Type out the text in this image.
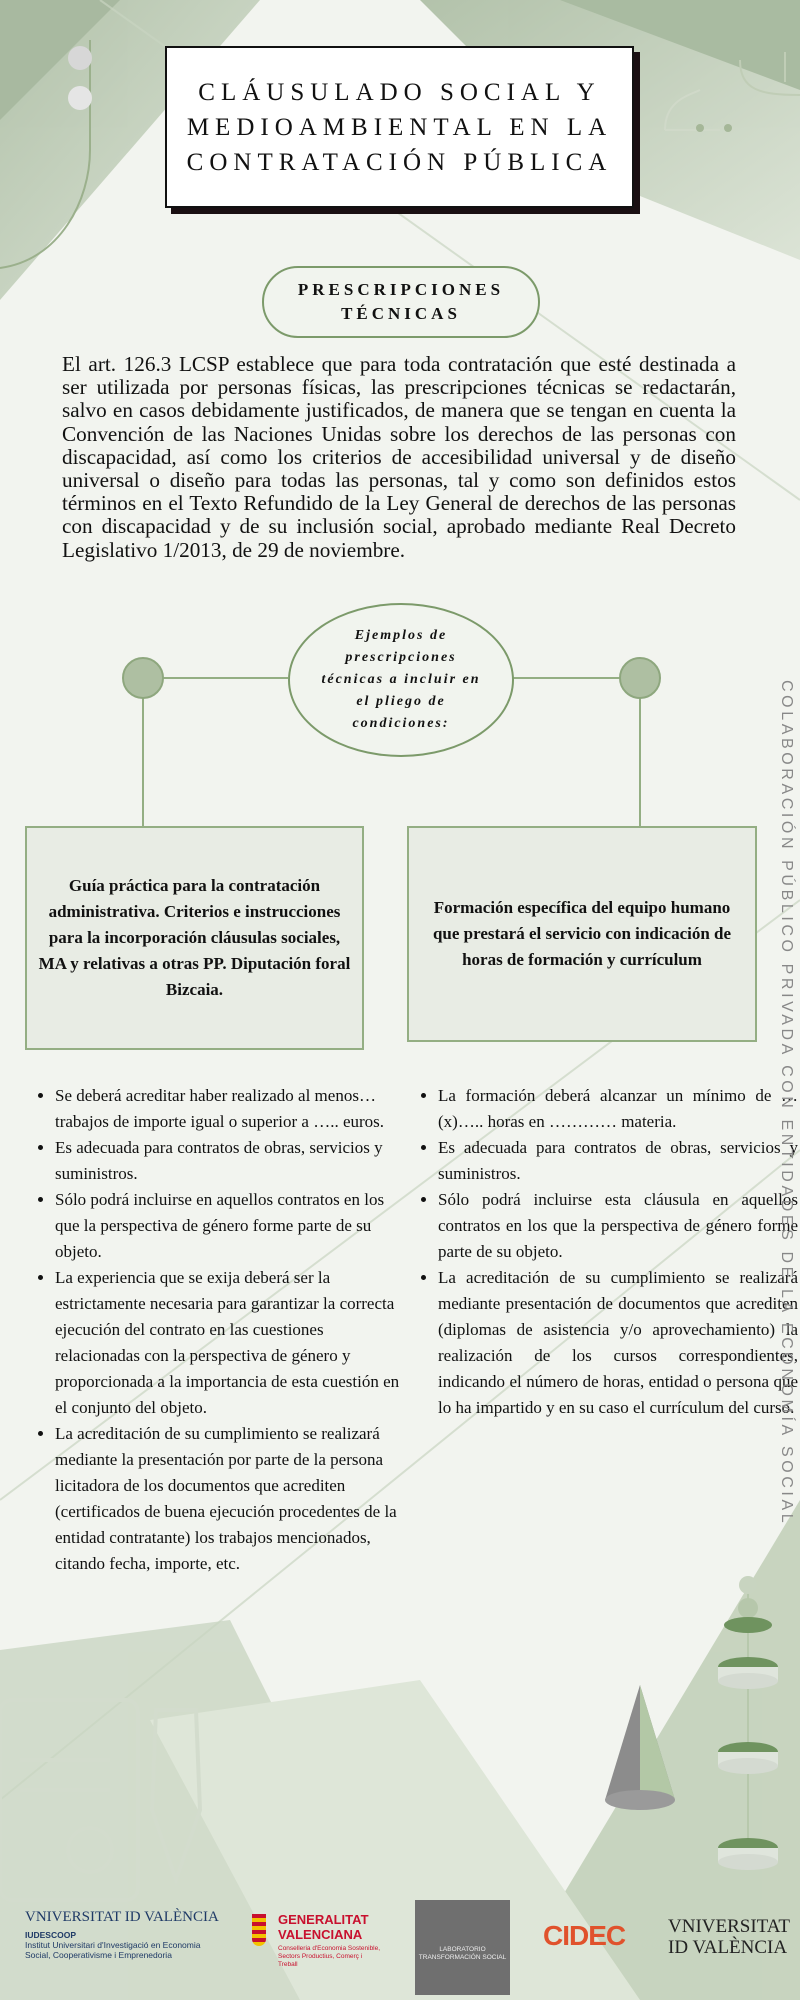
CLÁUSULADO SOCIAL Y MEDIOAMBIENTAL EN LA CONTRATACIÓN PÚBLICA
PRESCRIPCIONES TÉCNICAS

El art. 126.3 LCSP establece que para toda contratación que esté destinada a ser utilizada por personas físicas, las prescripciones técnicas se redactarán, salvo en casos debidamente justificados, de manera que se tengan en cuenta la Convención de las Naciones Unidas sobre los derechos de las personas con discapacidad, así como los criterios de accesibilidad universal y de diseño universal o diseño para todas las personas, tal y como son definidos estos términos en el Texto Refundido de la Ley General de derechos de las personas con discapacidad y de su inclusión social, aprobado mediante Real Decreto Legislativo 1/2013, de 29 de noviembre.

Ejemplos de prescripciones técnicas a incluir en el pliego de condiciones:
Guía práctica para la contratación administrativa. Criterios e instrucciones para la incorporación cláusulas sociales, MA y relativas a otras PP. Diputación foral Bizcaia.
Formación específica del equipo humano que prestará el servicio con indicación de horas de formación y currículum
• Se deberá acreditar haber realizado al menos… trabajos de importe igual o superior a ….. euros.
• Es adecuada para contratos de obras, servicios y suministros.
• Sólo podrá incluirse en aquellos contratos en los que la perspectiva de género forme parte de su objeto.
• La experiencia que se exija deberá ser la estrictamente necesaria para garantizar la correcta ejecución del contrato en las cuestiones relacionadas con la perspectiva de género y proporcionada a la importancia de esta cuestión en el conjunto del objeto.
• La acreditación de su cumplimiento se realizará mediante la presentación por parte de la persona licitadora de los documentos que acrediten (certificados de buena ejecución procedentes de la entidad contratante) los trabajos mencionados, citando fecha, importe, etc.
• La formación deberá alcanzar un mínimo de …(x)….. horas en ………… materia.
• Es adecuada para contratos de obras, servicios y suministros.
• Sólo podrá incluirse esta cláusula en aquellos contratos en los que la perspectiva de género forme parte de su objeto.
• La acreditación de su cumplimiento se realizará mediante presentación de documentos que acrediten (diplomas de asistencia y/o aprovechamiento) la realización de los cursos correspondientes, indicando el número de horas, entidad o persona que lo ha impartido y en su caso el currículum del curso.
COLABORACIÓN PÚBLICO PRIVADA CON ENTIDADES DE LA ECONOMÍA SOCIAL
VNIVERSITAT ID VALÈNCIA
IUDESCOOP
Institut Universitari d'Investigació en Economia
Social, Cooperativisme i Emprenedoria
GENERALITAT VALENCIANA
Conselleria d'Economia Sostenible, Sectors Productius, Comerç i Treball
LABORATORIO TRANSFORMACIÓN SOCIAL
CIDEC	VNIVERSITAT ID VALÈNCIA
